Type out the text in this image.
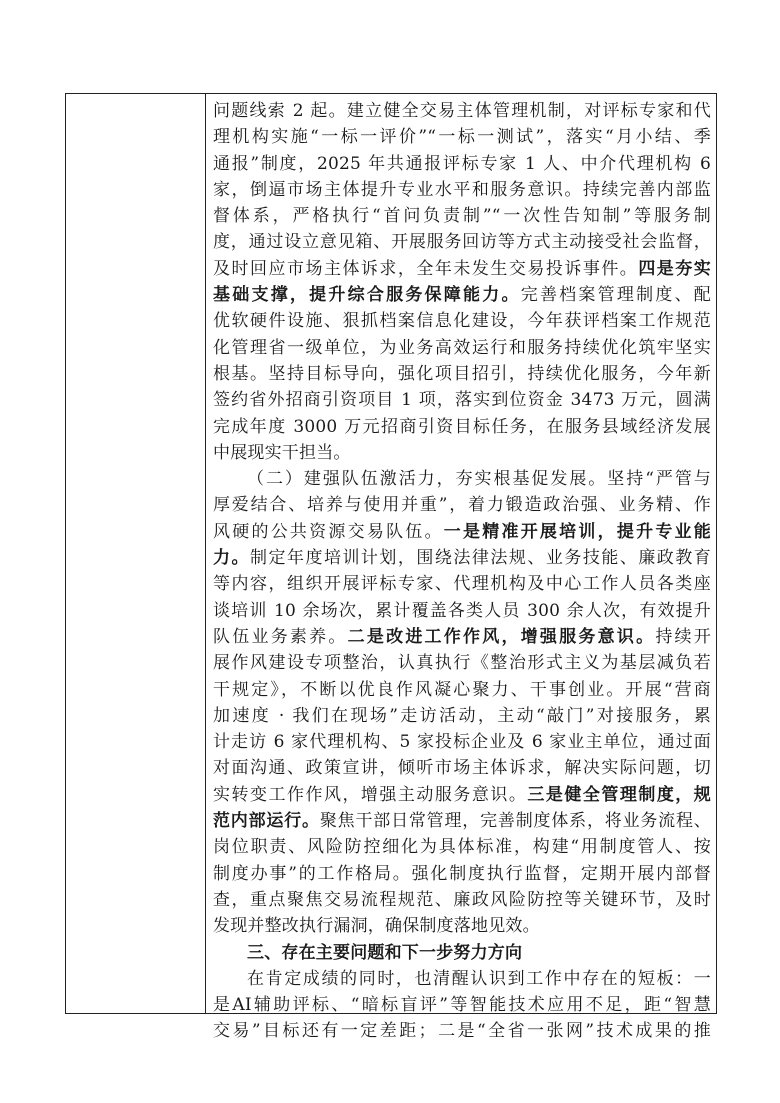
问题线索 2 起。建立健全交易主体管理机制，对评标专家和代
理机构实施“一标一评价”“一标一测试”，落实“月小结、季
通报”制度，2025 年共通报评标专家 1 人、中介代理机构 6
家，倒逼市场主体提升专业水平和服务意识。持续完善内部监
督体系，严格执行“首问负责制”“一次性告知制”等服务制
度，通过设立意见箱、开展服务回访等方式主动接受社会监督，
及时回应市场主体诉求，全年未发生交易投诉事件。四是夯实
基础支撑，提升综合服务保障能力。完善档案管理制度、配
优软硬件设施、狠抓档案信息化建设，今年获评档案工作规范
化管理省一级单位，为业务高效运行和服务持续优化筑牢坚实
根基。坚持目标导向，强化项目招引，持续优化服务，今年新
签约省外招商引资项目 1 项，落实到位资金 3473 万元，圆满
完成年度 3000 万元招商引资目标任务，在服务县域经济发展
中展现实干担当。
（二）建强队伍激活力，夯实根基促发展。坚持“严管与
厚爱结合、培养与使用并重”，着力锻造政治强、业务精、作
风硬的公共资源交易队伍。一是精准开展培训，提升专业能
力。制定年度培训计划，围绕法律法规、业务技能、廉政教育
等内容，组织开展评标专家、代理机构及中心工作人员各类座
谈培训 10 余场次，累计覆盖各类人员 300 余人次，有效提升
队伍业务素养。二是改进工作作风，增强服务意识。持续开
展作风建设专项整治，认真执行《整治形式主义为基层减负若
干规定》，不断以优良作风凝心聚力、干事创业。开展“营商
加速度 · 我们在现场”走访活动，主动“敲门”对接服务，累
计走访 6 家代理机构、5 家投标企业及 6 家业主单位，通过面
对面沟通、政策宣讲，倾听市场主体诉求，解决实际问题，切
实转变工作作风，增强主动服务意识。三是健全管理制度，规
范内部运行。聚焦干部日常管理，完善制度体系，将业务流程、
岗位职责、风险防控细化为具体标准，构建“用制度管人、按
制度办事”的工作格局。强化制度执行监督，定期开展内部督
查，重点聚焦交易流程规范、廉政风险防控等关键环节，及时
发现并整改执行漏洞，确保制度落地见效。
三、存在主要问题和下一步努力方向
在肯定成绩的同时，也清醒认识到工作中存在的短板：一
是AI辅助评标、“暗标盲评”等智能技术应用不足，距“智慧
交易”目标还有一定差距；二是“全省一张网”技术成果的推
